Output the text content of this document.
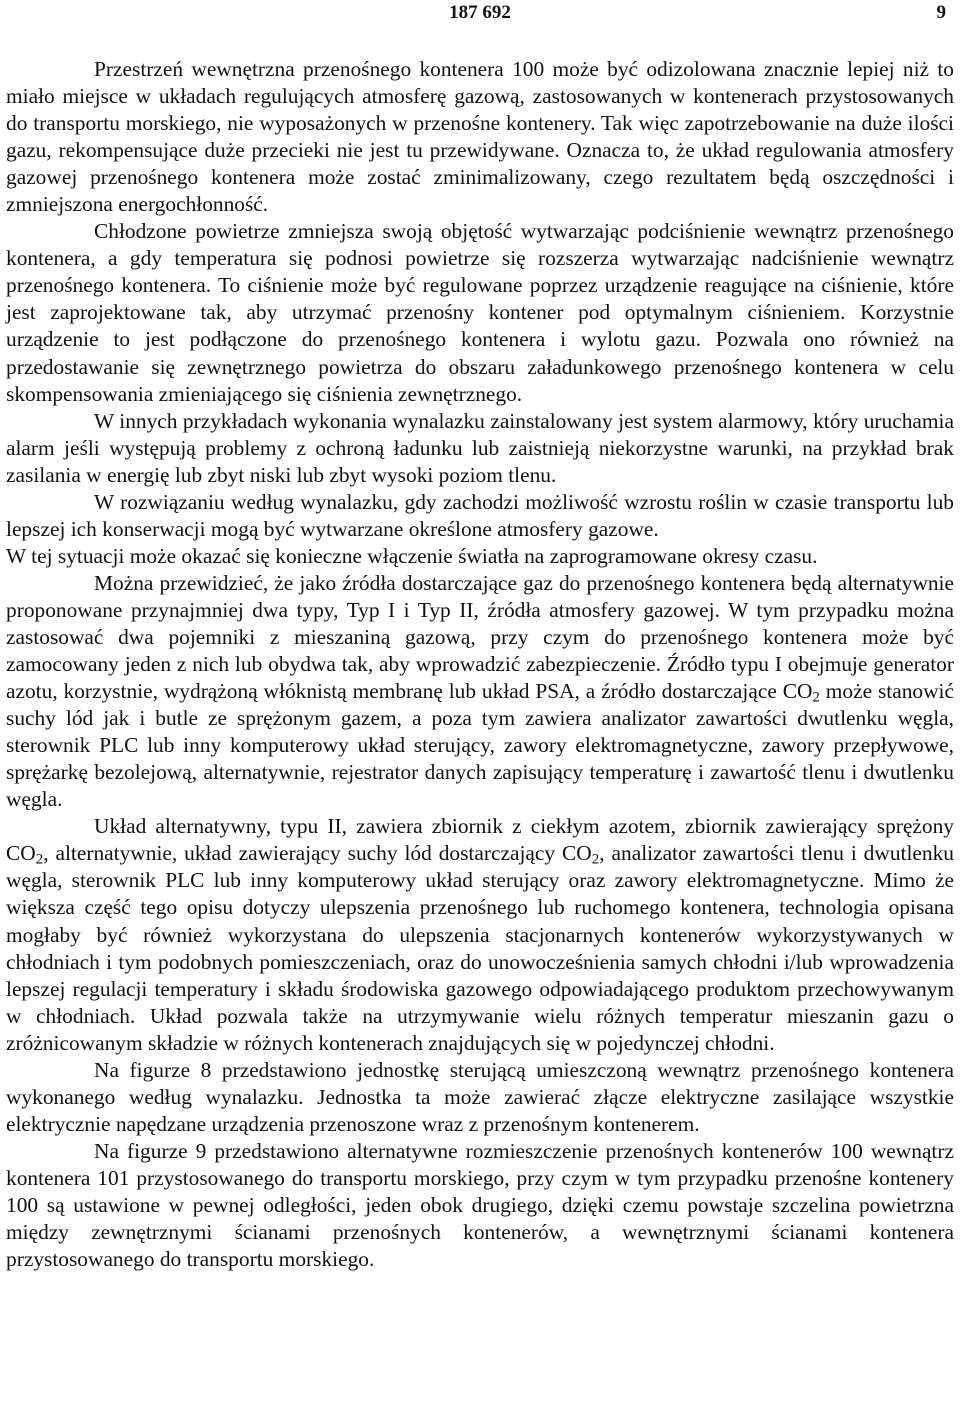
187 692	9

Przestrzeń wewnętrzna przenośnego kontenera 100 może być odizolowana znacznie lepiej niż to miało miejsce w układach regulujących atmosferę gazową, zastosowanych w kontenerach przystosowanych do transportu morskiego, nie wyposażonych w przenośne kontenery. Tak więc zapotrzebowanie na duże ilości gazu, rekompensujące duże przecieki nie jest tu przewidywane. Oznacza to, że układ regulowania atmosfery gazowej przenośnego kontenera może zostać zminimalizowany, czego rezultatem będą oszczędności i zmniejszona energochłonność.

Chłodzone powietrze zmniejsza swoją objętość wytwarzając podciśnienie wewnątrz przenośnego kontenera, a gdy temperatura się podnosi powietrze się rozszerza wytwarzając nadciśnienie wewnątrz przenośnego kontenera. To ciśnienie może być regulowane poprzez urządzenie reagujące na ciśnienie, które jest zaprojektowane tak, aby utrzymać przenośny kontener pod optymalnym ciśnieniem. Korzystnie urządzenie to jest podłączone do przenośnego kontenera i wylotu gazu. Pozwala ono również na przedostawanie się zewnętrznego powietrza do obszaru załadunkowego przenośnego kontenera w celu skompensowania zmieniającego się ciśnienia zewnętrznego.

W innych przykładach wykonania wynalazku zainstalowany jest system alarmowy, który uruchamia alarm jeśli występują problemy z ochroną ładunku lub zaistnieją niekorzystne warunki, na przykład brak zasilania w energię lub zbyt niski lub zbyt wysoki poziom tlenu.

W rozwiązaniu według wynalazku, gdy zachodzi możliwość wzrostu roślin w czasie transportu lub lepszej ich konserwacji mogą być wytwarzane określone atmosfery gazowe.

W tej sytuacji może okazać się konieczne włączenie światła na zaprogramowane okresy czasu.

Można przewidzieć, że jako źródła dostarczające gaz do przenośnego kontenera będą alternatywnie proponowane przynajmniej dwa typy, Typ I i Typ II, źródła atmosfery gazowej. W tym przypadku można zastosować dwa pojemniki z mieszaniną gazową, przy czym do przenośnego kontenera może być zamocowany jeden z nich lub obydwa tak, aby wprowadzić zabezpieczenie. Źródło typu I obejmuje generator azotu, korzystnie, wydrążoną włóknistą membranę lub układ PSA, a źródło dostarczające $CO_2$ może stanowić suchy lód jak i butle ze sprężonym gazem, a poza tym zawiera analizator zawartości dwutlenku węgla, sterownik PLC lub inny komputerowy układ sterujący, zawory elektromagnetyczne, zawory przepływowe, sprężarkę bezolejową, alternatywnie, rejestrator danych zapisujący temperaturę i zawartość tlenu i dwutlenku węgla.

Układ alternatywny, typu II, zawiera zbiornik z ciekłym azotem, zbiornik zawierający sprężony $CO_2$, alternatywnie, układ zawierający suchy lód dostarczający $CO_2$, analizator zawartości tlenu i dwutlenku węgla, sterownik PLC lub inny komputerowy układ sterujący oraz zawory elektromagnetyczne. Mimo że większa część tego opisu dotyczy ulepszenia przenośnego lub ruchomego kontenera, technologia opisana mogłaby być również wykorzystana do ulepszenia stacjonarnych kontenerów wykorzystywanych w chłodniach i tym podobnych pomieszczeniach, oraz do unowocześnienia samych chłodni i/lub wprowadzenia lepszej regulacji temperatury i składu środowiska gazowego odpowiadającego produktom przechowywanym w chłodniach. Układ pozwala także na utrzymywanie wielu różnych temperatur mieszanin gazu o zróżnicowanym składzie w różnych kontenerach znajdujących się w pojedynczej chłodni.

Na figurze 8 przedstawiono jednostkę sterującą umieszczoną wewnątrz przenośnego kontenera wykonanego według wynalazku. Jednostka ta może zawierać złącze elektryczne zasilające wszystkie elektrycznie napędzane urządzenia przenoszone wraz z przenośnym kontenerem.

Na figurze 9 przedstawiono alternatywne rozmieszczenie przenośnych kontenerów 100 wewnątrz kontenera 101 przystosowanego do transportu morskiego, przy czym w tym przypadku przenośne kontenery 100 są ustawione w pewnej odległości, jeden obok drugiego, dzięki czemu powstaje szczelina powietrzna między zewnętrznymi ścianami przenośnych kontenerów, a wewnętrznymi ścianami kontenera przystosowanego do transportu morskiego.
